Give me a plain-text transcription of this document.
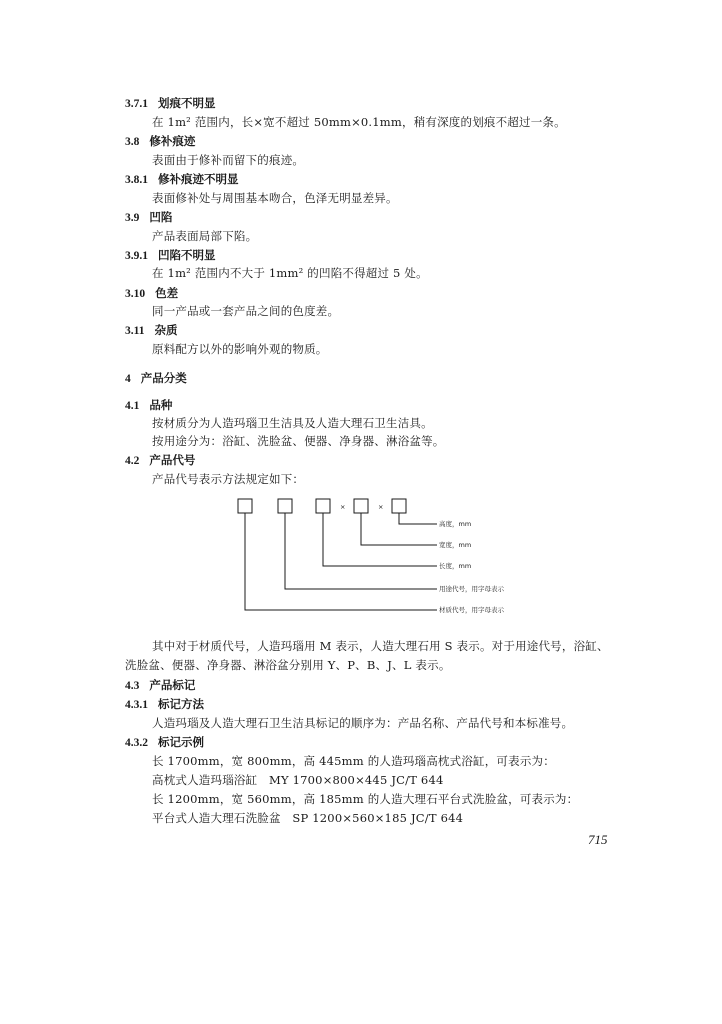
3.7.1 划痕不明显
在 1m² 范围内，长×宽不超过 50mm×0.1mm，稍有深度的划痕不超过一条。
3.8 修补痕迹
表面由于修补而留下的痕迹。
3.8.1 修补痕迹不明显
表面修补处与周围基本吻合，色泽无明显差异。
3.9 凹陷
产品表面局部下陷。
3.9.1 凹陷不明显
在 1m² 范围内不大于 1mm² 的凹陷不得超过 5 处。
3.10 色差
同一产品或一套产品之间的色度差。
3.11 杂质
原料配方以外的影响外观的物质。
4 产品分类
4.1 品种
按材质分为人造玛瑙卫生洁具及人造大理石卫生洁具。
按用途分为：浴缸、洗脸盆、便器、净身器、淋浴盆等。
4.2 产品代号
产品代号表示方法规定如下：
×	×
高度，mm
宽度，mm
长度，mm
用途代号，用字母表示
材质代号，用字母表示
其中对于材质代号，人造玛瑙用 M 表示，人造大理石用 S 表示。对于用途代号，浴缸、
洗脸盆、便器、净身器、淋浴盆分别用 Y、P、B、J、L 表示。
4.3 产品标记
4.3.1 标记方法
人造玛瑙及人造大理石卫生洁具标记的顺序为：产品名称、产品代号和本标准号。
4.3.2 标记示例
长 1700mm，宽 800mm，高 445mm 的人造玛瑙高枕式浴缸，可表示为：
高枕式人造玛瑙浴缸　MY 1700×800×445 JC/T 644
长 1200mm，宽 560mm，高 185mm 的人造大理石平台式洗脸盆，可表示为：
平台式人造大理石洗脸盆　SP 1200×560×185 JC/T 644
715
